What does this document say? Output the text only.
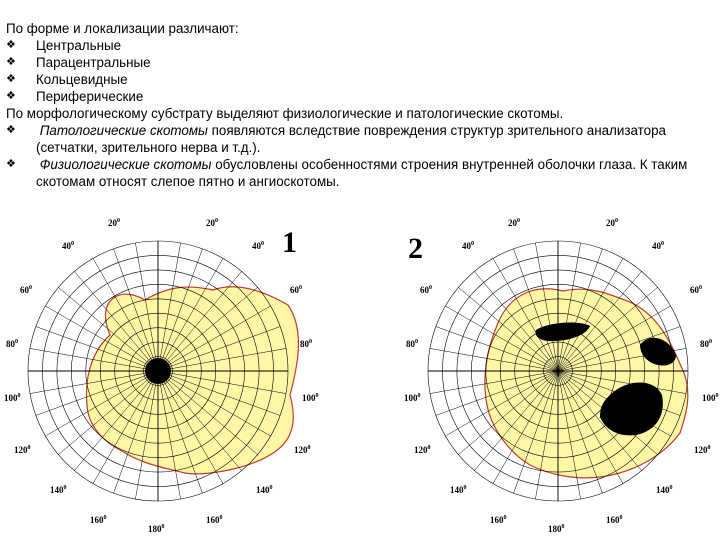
По форме и локализации различают:
❖	Центральные
❖	Парацентральные
❖	Кольцевидные
❖	Периферические
По морфологическому субстрату выделяют физиологические и патологические скотомы.
❖	Патологические скотомы появляются вследствие повреждения структур зрительного анализатора (сетчатки, зрительного нерва и т.д.).
❖	Физиологические скотомы обусловлены особенностями строения внутренней оболочки глаза. К таким скотомам относят слепое пятно и ангиоскотомы.
$20^0$	$20^0$
$40^0$	$40^0$
$60^0$	$60^0$
$80^0$	$80^0$
$100^0$	$100^0$
$120^0$	$120^0$
$140^0$	$140^0$
$160^0$	$160^0$
$180^0$
$20^0$	$20^0$
$40^0$	$40^0$
$60^0$	$60^0$
$80^0$	$80^0$
$100^0$	$100^0$
$120^0$	$120^0$
$140^0$	$140^0$
$160^0$	$160^0$
$180^0$
1	2
